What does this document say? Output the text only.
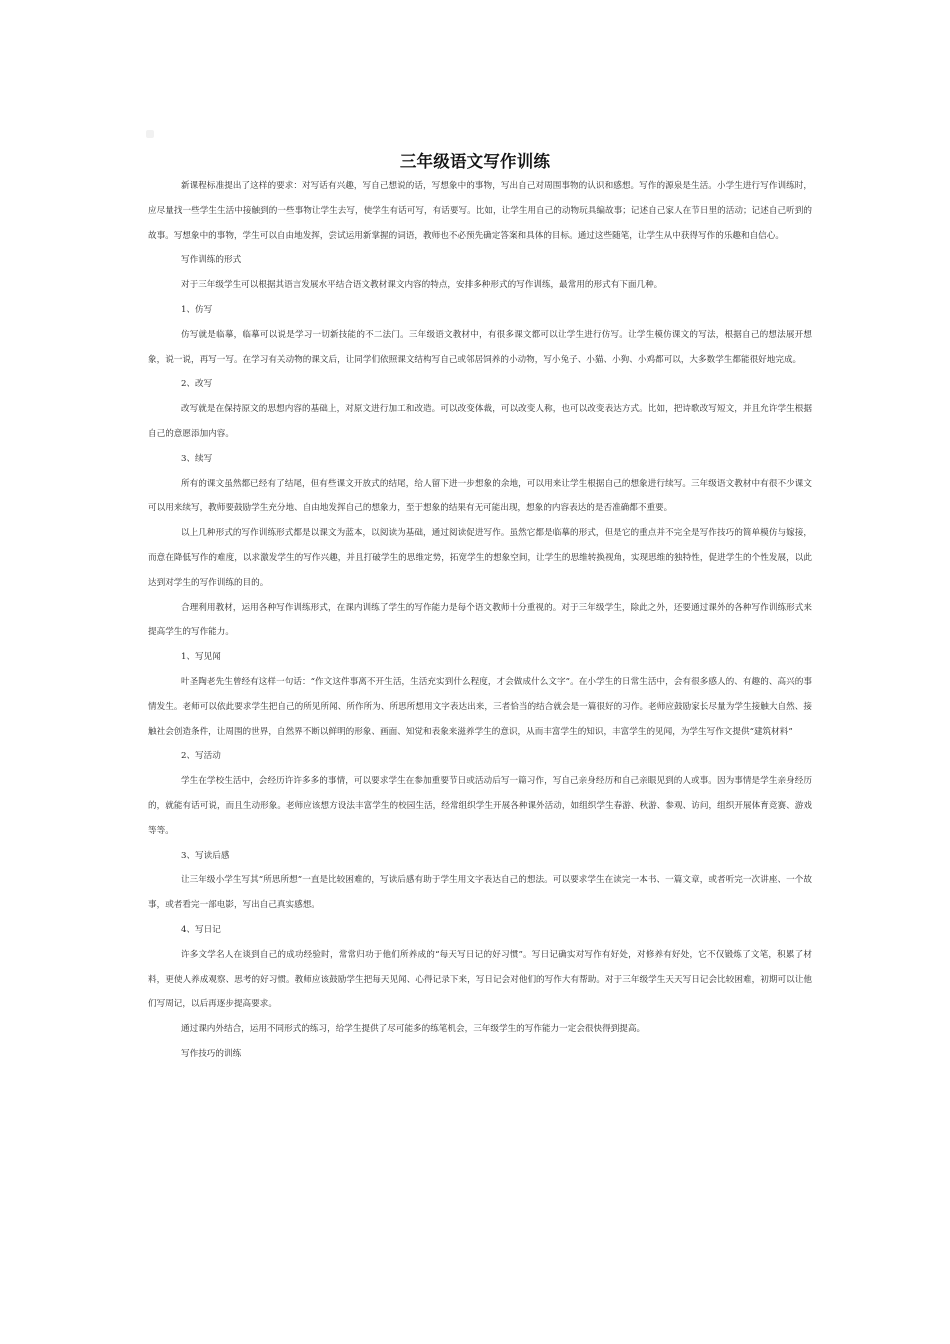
三年级语文写作训练

新课程标准提出了这样的要求：对写话有兴趣，写自己想说的话，写想象中的事物，写出自己对周围事物的认识和感想。写作的源泉是生活。小学生进行写作训练时，应尽量找一些学生生活中接触到的一些事物让学生去写，使学生有话可写，有话要写。比如，让学生用自己的动物玩具编故事；记述自己家人在节日里的活动；记述自己听到的故事。写想象中的事物，学生可以自由地发挥，尝试运用新掌握的词语，教师也不必预先确定答案和具体的目标。通过这些随笔，让学生从中获得写作的乐趣和自信心。

写作训练的形式

对于三年级学生可以根据其语言发展水平结合语文教材课文内容的特点，安排多种形式的写作训练，最常用的形式有下面几种。

1、仿写

仿写就是临摹，临摹可以说是学习一切新技能的不二法门。三年级语文教材中，有很多课文都可以让学生进行仿写。让学生模仿课文的写法，根据自己的想法展开想象，说一说，再写一写。在学习有关动物的课文后，让同学们依照课文结构写自己或邻居饲养的小动物，写小兔子、小猫、小狗、小鸡都可以，大多数学生都能很好地完成。

2、改写

改写就是在保持原文的思想内容的基础上，对原文进行加工和改造。可以改变体裁，可以改变人称，也可以改变表达方式。比如，把诗歌改写短文，并且允许学生根据自己的意愿添加内容。

3、续写

所有的课文虽然都已经有了结尾，但有些课文开放式的结尾，给人留下进一步想象的余地，可以用来让学生根据自己的想象进行续写。三年级语文教材中有很不少课文可以用来续写，教师要鼓励学生充分地、自由地发挥自己的想象力，至于想象的结果有无可能出现，想象的内容表达的是否准确都不重要。

以上几种形式的写作训练形式都是以课文为蓝本，以阅读为基础，通过阅读促进写作。虽然它都是临摹的形式，但是它的重点并不完全是写作技巧的简单模仿与嫁接，而意在降低写作的难度，以求激发学生的写作兴趣，并且打破学生的思维定势，拓宽学生的想象空间，让学生的思维转换视角，实现思维的独特性，促进学生的个性发展，以此达到对学生的写作训练的目的。

合理利用教材，运用各种写作训练形式，在课内训练了学生的写作能力是每个语文教师十分重视的。对于三年级学生，除此之外，还要通过课外的各种写作训练形式来提高学生的写作能力。

1、写见闻

叶圣陶老先生曾经有这样一句话：“作文这件事离不开生活，生活充实到什么程度，才会做成什么文字”。在小学生的日常生活中，会有很多感人的、有趣的、高兴的事情发生。老师可以依此要求学生把自己的所见所闻、所作所为、所思所想用文字表达出来，三者恰当的结合就会是一篇很好的习作。老师应鼓励家长尽量为学生接触大自然、接触社会创造条件，让周围的世界，自然界不断以鲜明的形象、画面、知觉和表象来滋养学生的意识，从而丰富学生的知识，丰富学生的见闻，为学生写作文提供“建筑材料”

2、写活动

学生在学校生活中，会经历许许多多的事情，可以要求学生在参加重要节日或活动后写一篇习作，写自己亲身经历和自己亲眼见到的人或事。因为事情是学生亲身经历的，就能有话可说，而且生动形象。老师应该想方设法丰富学生的校园生活，经常组织学生开展各种课外活动，如组织学生春游、秋游、参观、访问，组织开展体育竞赛、游戏等等。

3、写读后感

让三年级小学生写其“所思所想”一直是比较困难的，写读后感有助于学生用文字表达自己的想法。可以要求学生在读完一本书、一篇文章，或者听完一次讲座、一个故事，或者看完一部电影，写出自己真实感想。

4、写日记

许多文学名人在谈到自己的成功经验时，常常归功于他们所养成的“每天写日记的好习惯”。写日记确实对写作有好处，对修养有好处，它不仅锻炼了文笔，积累了材料，更使人养成观察、思考的好习惯。教师应该鼓励学生把每天见闻、心得记录下来，写日记会对他们的写作大有帮助。对于三年级学生天天写日记会比较困难，初期可以让他们写周记，以后再逐步提高要求。

通过课内外结合，运用不同形式的练习，给学生提供了尽可能多的练笔机会，三年级学生的写作能力一定会很快得到提高。

写作技巧的训练
